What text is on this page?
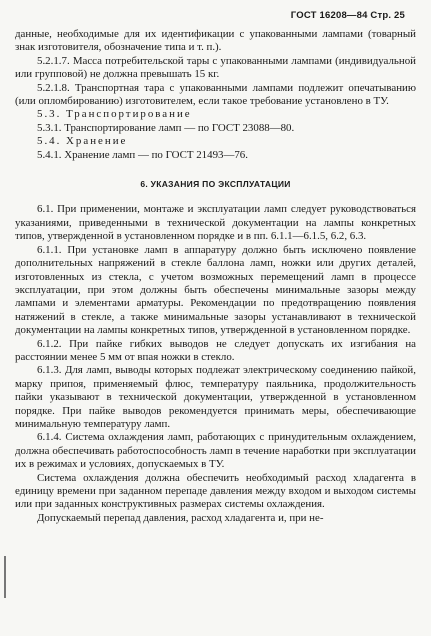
ГОСТ 16208—84 Стр. 25

данные, необходимые для их идентификации с упакованными лампами (товарный знак изготовителя, обозначение типа и т. п.).

5.2.1.7. Масса потребительской тары с упакованными лампами (индивидуальной или групповой) не должна превышать 15 кг.

5.2.1.8. Транспортная тара с упакованными лампами подлежит опечатыванию (или опломбированию) изготовителем, если такое требование установлено в ТУ.

5.3. Транспортирование

5.3.1. Транспортирование ламп — по ГОСТ 23088—80.

5.4. Хранение

5.4.1. Хранение ламп — по ГОСТ 21493—76.

6. УКАЗАНИЯ ПО ЭКСПЛУАТАЦИИ

6.1. При применении, монтаже и эксплуатации ламп следует руководствоваться указаниями, приведенными в технической документации на лампы конкретных типов, утвержденной в установленном порядке и в пп. 6.1.1—6.1.5, 6.2, 6.3.

6.1.1. При установке ламп в аппаратуру должно быть исключено появление дополнительных напряжений в стекле баллона ламп, ножки или других деталей, изготовленных из стекла, с учетом возможных перемещений ламп в процессе эксплуатации, при этом должны быть обеспечены минимальные зазоры между лампами и элементами арматуры. Рекомендации по предотвращению появления натяжений в стекле, а также минимальные зазоры устанавливают в технической документации на лампы конкретных типов, утвержденной в установленном порядке.

6.1.2. При пайке гибких выводов не следует допускать их изгибания на расстоянии менее 5 мм от впая ножки в стекло.

6.1.3. Для ламп, выводы которых подлежат электрическому соединению пайкой, марку припоя, применяемый флюс, температуру паяльника, продолжительность пайки указывают в технической документации, утвержденной в установленном порядке. При пайке выводов рекомендуется принимать меры, обеспечивающие минимальную температуру ламп.

6.1.4. Система охлаждения ламп, работающих с принудительным охлаждением, должна обеспечивать работоспособность ламп в течение наработки при эксплуатации их в режимах и условиях, допускаемых в ТУ.

Система охлаждения должна обеспечить необходимый расход хладагента в единицу времени при заданном перепаде давления между входом и выходом системы или при заданных конструктивных размерах системы охлаждения.

Допускаемый перепад давления, расход хладагента и, при не-
